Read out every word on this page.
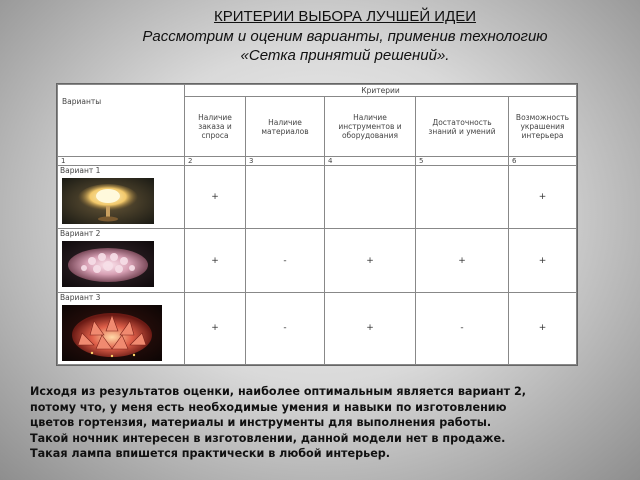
КРИТЕРИИ ВЫБОРА ЛУЧШЕЙ ИДЕИ
Рассмотрим и оценим варианты, применив технологию
«Сетка принятий решений».
Варианты	Критерии				
	Наличие заказа и спроса	Наличие материалов	Наличие инструментов и оборудования	Достаточность знаний и умений	Возможность украшения интерьера
1	2	3	4	5	6

Вариант 1	+				+

Вариант 2	+	-	+	+	+

Вариант 3	+	-	+	-	+
Исходя из результатов оценки, наиболее оптимальным является вариант 2,
потому что, у меня есть необходимые умения и навыки по изготовлению
цветов гортензия, материалы и инструменты для выполнения работы.
Такой ночник интересен в изготовлении, данной модели нет в продаже.
Такая лампа впишется практически в любой интерьер.
